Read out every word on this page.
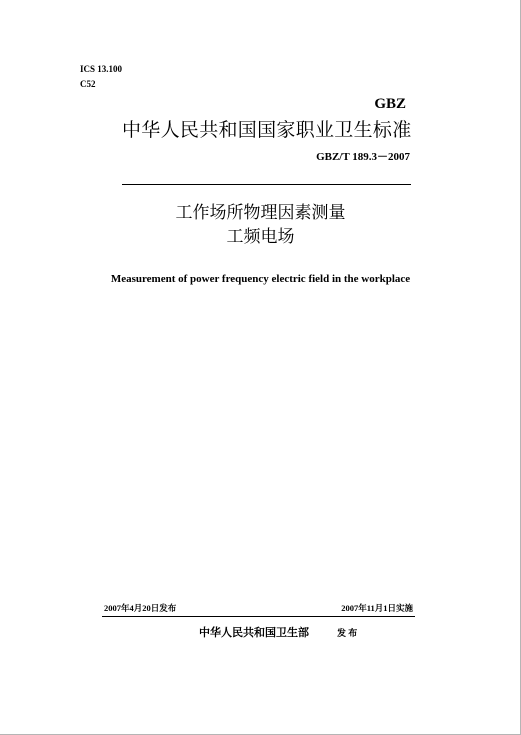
ICS 13.100
C52
GBZ
中华人民共和国国家职业卫生标准
GBZ/T 189.3－2007
工作场所物理因素测量
工频电场
Measurement of power frequency electric field in the workplace
2007年4月20日发布	2007年11月1日实施
中华人民共和国卫生部	发 布
